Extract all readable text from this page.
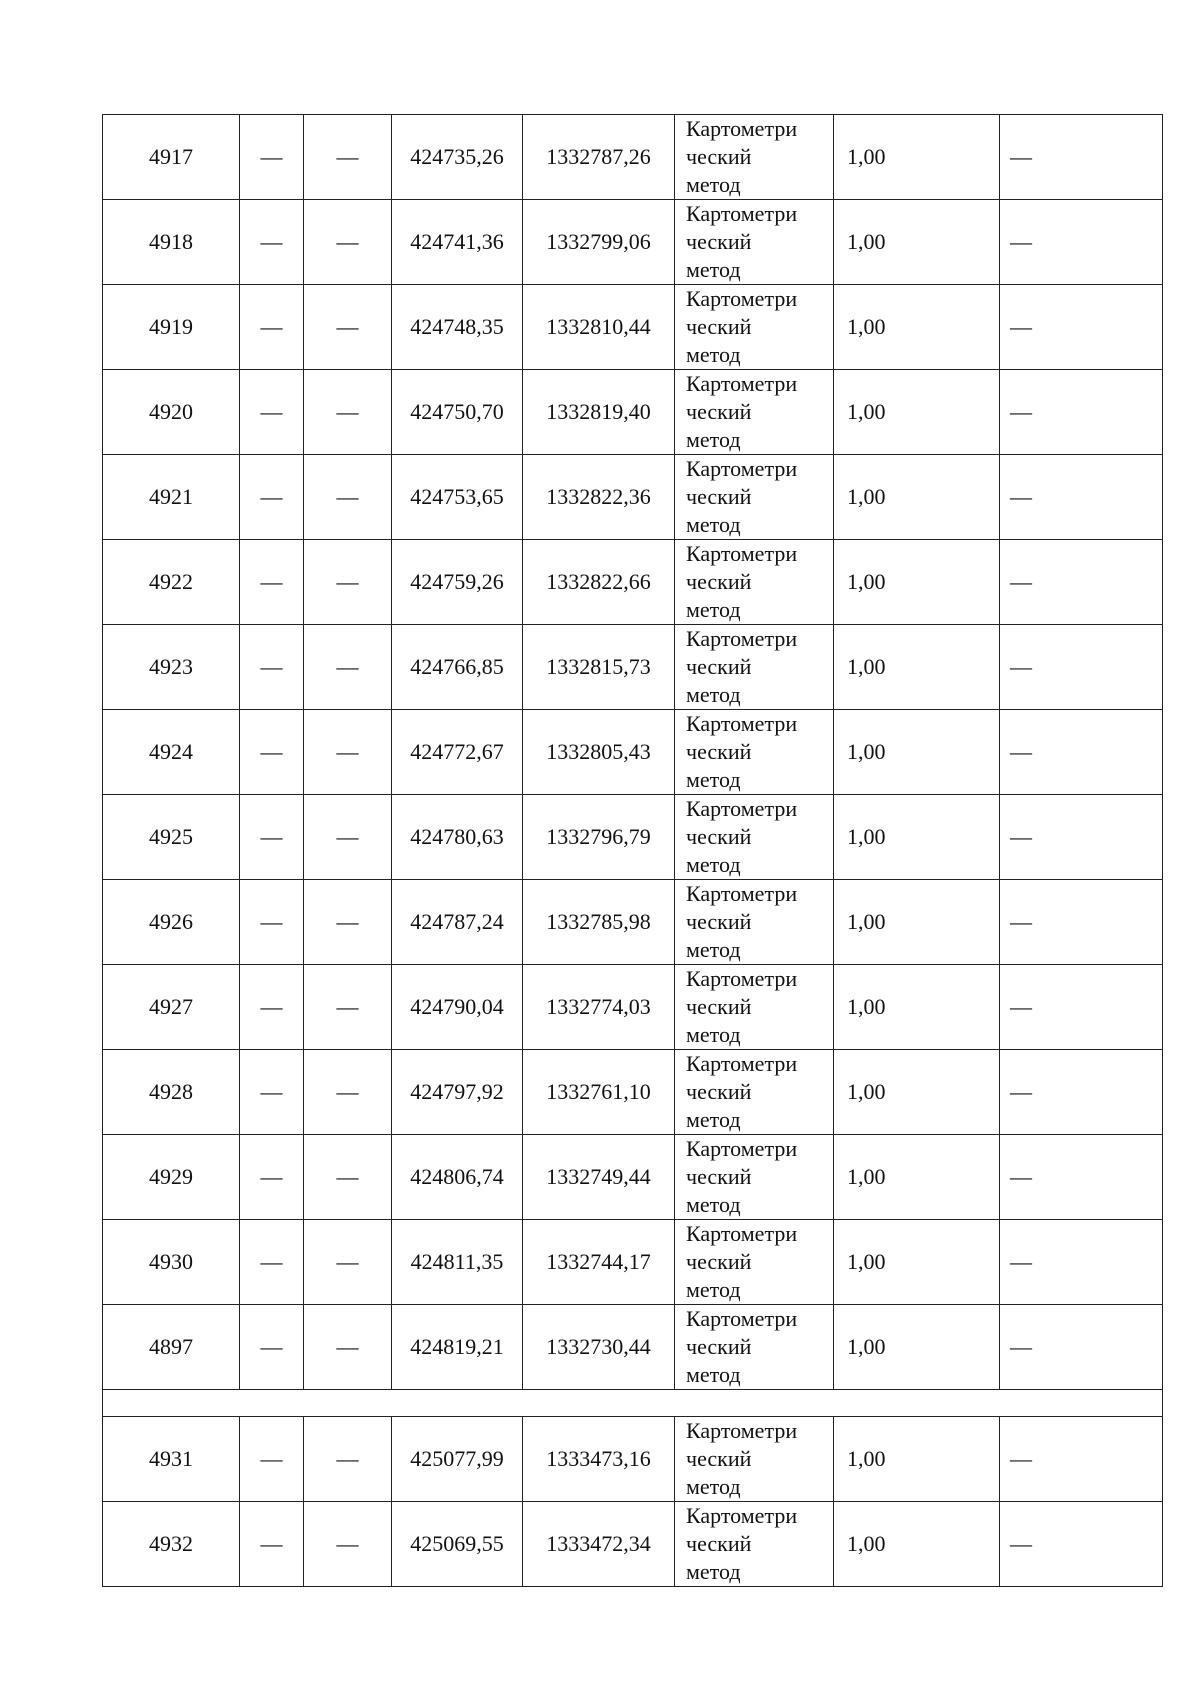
4917	—	—	424735,26	1332787,26	Картометри
ческий
метод	1,00	—
4918	—	—	424741,36	1332799,06	Картометри
ческий
метод	1,00	—
4919	—	—	424748,35	1332810,44	Картометри
ческий
метод	1,00	—
4920	—	—	424750,70	1332819,40	Картометри
ческий
метод	1,00	—
4921	—	—	424753,65	1332822,36	Картометри
ческий
метод	1,00	—
4922	—	—	424759,26	1332822,66	Картометри
ческий
метод	1,00	—
4923	—	—	424766,85	1332815,73	Картометри
ческий
метод	1,00	—
4924	—	—	424772,67	1332805,43	Картометри
ческий
метод	1,00	—
4925	—	—	424780,63	1332796,79	Картометри
ческий
метод	1,00	—
4926	—	—	424787,24	1332785,98	Картометри
ческий
метод	1,00	—
4927	—	—	424790,04	1332774,03	Картометри
ческий
метод	1,00	—
4928	—	—	424797,92	1332761,10	Картометри
ческий
метод	1,00	—
4929	—	—	424806,74	1332749,44	Картометри
ческий
метод	1,00	—
4930	—	—	424811,35	1332744,17	Картометри
ческий
метод	1,00	—
4897	—	—	424819,21	1332730,44	Картометри
ческий
метод	1,00	—

4931	—	—	425077,99	1333473,16	Картометри
ческий
метод	1,00	—
4932	—	—	425069,55	1333472,34	Картометри
ческий
метод	1,00	—
